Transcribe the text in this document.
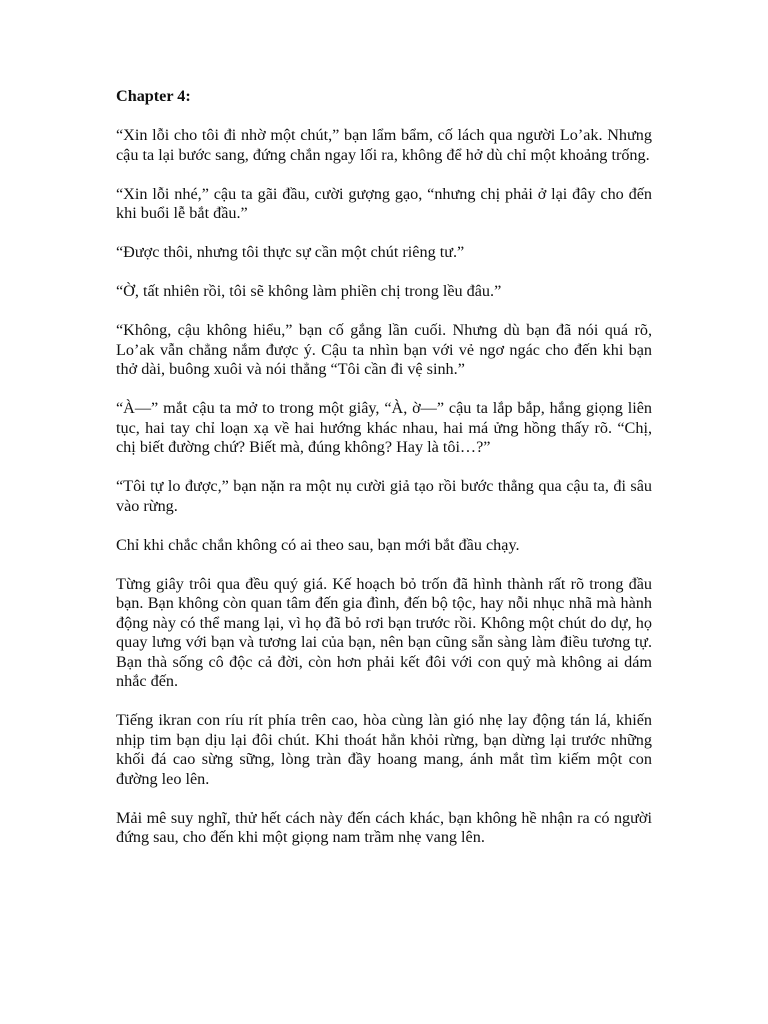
Chapter 4:

“Xin lỗi cho tôi đi nhờ một chút,” bạn lẩm bẩm, cố lách qua người Lo’ak. Nhưng cậu ta lại bước sang, đứng chắn ngay lối ra, không để hở dù chỉ một khoảng trống.

“Xin lỗi nhé,” cậu ta gãi đầu, cười gượng gạo, “nhưng chị phải ở lại đây cho đến khi buổi lễ bắt đầu.”

“Được thôi, nhưng tôi thực sự cần một chút riêng tư.”

“Ờ, tất nhiên rồi, tôi sẽ không làm phiền chị trong lều đâu.”

“Không, cậu không hiểu,” bạn cố gắng lần cuối. Nhưng dù bạn đã nói quá rõ, Lo’ak vẫn chẳng nắm được ý. Cậu ta nhìn bạn với vẻ ngơ ngác cho đến khi bạn thở dài, buông xuôi và nói thẳng “Tôi cần đi vệ sinh.”

“À—” mắt cậu ta mở to trong một giây, “À, ờ—” cậu ta lắp bắp, hắng giọng liên tục, hai tay chỉ loạn xạ về hai hướng khác nhau, hai má ửng hồng thấy rõ. “Chị, chị biết đường chứ? Biết mà, đúng không? Hay là tôi…?”

“Tôi tự lo được,” bạn nặn ra một nụ cười giả tạo rồi bước thẳng qua cậu ta, đi sâu vào rừng.

Chỉ khi chắc chắn không có ai theo sau, bạn mới bắt đầu chạy.

Từng giây trôi qua đều quý giá. Kế hoạch bỏ trốn đã hình thành rất rõ trong đầu bạn. Bạn không còn quan tâm đến gia đình, đến bộ tộc, hay nỗi nhục nhã mà hành động này có thể mang lại, vì họ đã bỏ rơi bạn trước rồi. Không một chút do dự, họ quay lưng với bạn và tương lai của bạn, nên bạn cũng sẵn sàng làm điều tương tự. Bạn thà sống cô độc cả đời, còn hơn phải kết đôi với con quỷ mà không ai dám nhắc đến.

Tiếng ikran con ríu rít phía trên cao, hòa cùng làn gió nhẹ lay động tán lá, khiến nhịp tim bạn dịu lại đôi chút. Khi thoát hẳn khỏi rừng, bạn dừng lại trước những khối đá cao sừng sững, lòng tràn đầy hoang mang, ánh mắt tìm kiếm một con đường leo lên.

Mải mê suy nghĩ, thử hết cách này đến cách khác, bạn không hề nhận ra có người đứng sau, cho đến khi một giọng nam trầm nhẹ vang lên.
